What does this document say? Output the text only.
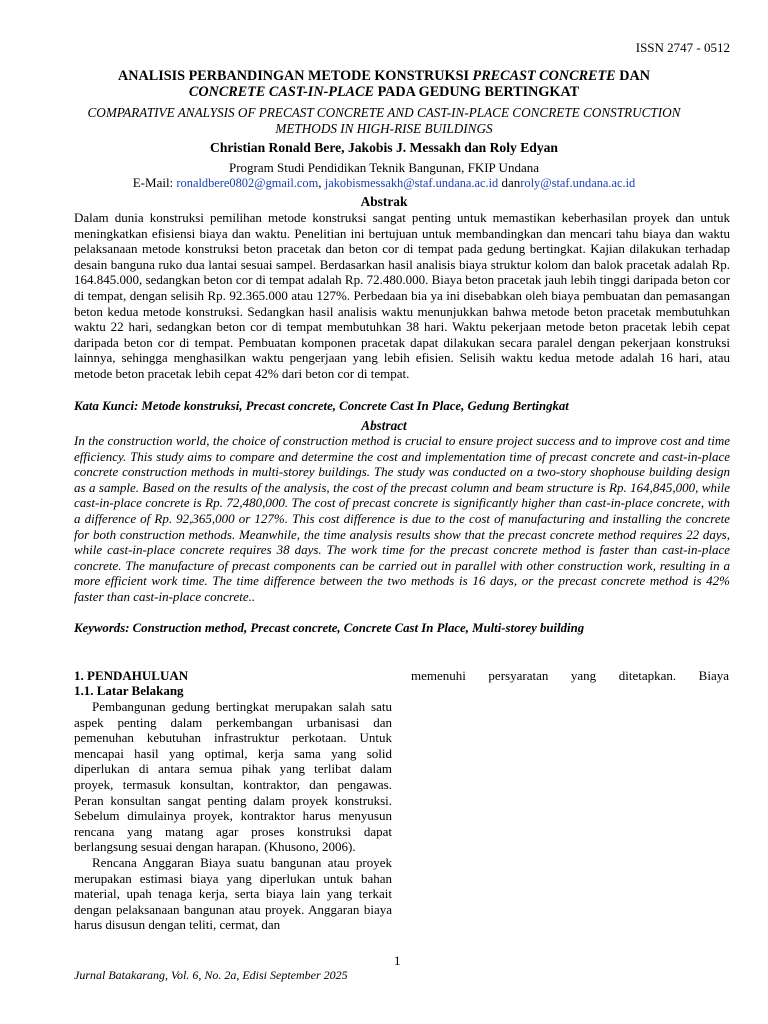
ISSN 2747 - 0512
ANALISIS PERBANDINGAN METODE KONSTRUKSI PRECAST CONCRETE DAN
CONCRETE CAST-IN-PLACE PADA GEDUNG BERTINGKAT
COMPARATIVE ANALYSIS OF PRECAST CONCRETE AND CAST-IN-PLACE CONCRETE CONSTRUCTION METHODS IN HIGH-RISE BUILDINGS
Christian Ronald Bere, Jakobis J. Messakh dan Roly Edyan
Program Studi Pendidikan Teknik Bangunan, FKIP Undana
E-Mail: ronaldbere0802@gmail.com, jakobismessakh@staf.undana.ac.id danroly@staf.undana.ac.id
Abstrak

Dalam dunia konstruksi pemilihan metode konstruksi sangat penting untuk memastikan keberhasilan proyek dan untuk meningkatkan efisiensi biaya dan waktu. Penelitian ini bertujuan untuk membandingkan dan mencari tahu biaya dan waktu pelaksanaan metode konstruksi beton pracetak dan beton cor di tempat pada gedung bertingkat. Kajian dilakukan terhadap desain banguna ruko dua lantai sesuai sampel. Berdasarkan hasil analisis biaya struktur kolom dan balok pracetak adalah Rp. 164.845.000, sedangkan beton cor di tempat adalah Rp. 72.480.000. Biaya beton pracetak jauh lebih tinggi daripada beton cor di tempat, dengan selisih Rp. 92.365.000 atau 127%. Perbedaan bia ya ini disebabkan oleh biaya pembuatan dan pemasangan beton kedua metode konstruksi. Sedangkan hasil analisis waktu menunjukkan bahwa metode beton pracetak membutuhkan waktu 22 hari, sedangkan beton cor di tempat membutuhkan 38 hari. Waktu pekerjaan metode beton pracetak lebih cepat daripada beton cor di tempat. Pembuatan komponen pracetak dapat dilakukan secara paralel dengan pekerjaan konstruksi lainnya, sehingga menghasilkan waktu pengerjaan yang lebih efisien. Selisih waktu kedua metode adalah 16 hari, atau metode beton pracetak lebih cepat 42% dari beton cor di tempat.

Kata Kunci: Metode konstruksi, Precast concrete, Concrete Cast In Place, Gedung Bertingkat
Abstract

In the construction world, the choice of construction method is crucial to ensure project success and to improve cost and time efficiency. This study aims to compare and determine the cost and implementation time of precast concrete and cast-in-place concrete construction methods in multi-storey buildings. The study was conducted on a two-story shophouse building design as a sample. Based on the results of the analysis, the cost of the precast column and beam structure is Rp. 164,845,000, while cast-in-place concrete is Rp. 72,480,000. The cost of precast concrete is significantly higher than cast-in-place concrete, with a difference of Rp. 92,365,000 or 127%. This cost difference is due to the cost of manufacturing and installing the concrete for both construction methods. Meanwhile, the time analysis results show that the precast concrete method requires 22 days, while cast-in-place concrete requires 38 days. The work time for the precast concrete method is faster than cast-in-place concrete. The manufacture of precast components can be carried out in parallel with other construction work, resulting in a more efficient work time. The time difference between the two methods is 16 days, or the precast concrete method is 42% faster than cast-in-place concrete..

Keywords: Construction method, Precast concrete, Concrete Cast In Place, Multi-storey building
1. PENDAHULUAN
1.1. Latar Belakang

Pembangunan gedung bertingkat merupakan salah satu aspek penting dalam perkembangan urbanisasi dan pemenuhan kebutuhan infrastruktur perkotaan. Untuk mencapai hasil yang optimal, kerja sama yang solid diperlukan di antara semua pihak yang terlibat dalam proyek, termasuk konsultan, kontraktor, dan pengawas. Peran konsultan sangat penting dalam proyek konstruksi. Sebelum dimulainya proyek, kontraktor harus menyusun rencana yang matang agar proses konstruksi dapat berlangsung sesuai dengan harapan. (Khusono, 2006).

Rencana Anggaran Biaya suatu bangunan atau proyek merupakan estimasi biaya yang diperlukan untuk bahan material, upah tenaga kerja, serta biaya lain yang terkait dengan pelaksanaan bangunan atau proyek. Anggaran biaya harus disusun dengan teliti, cermat, dan

memenuhi persyaratan yang ditetapkan. Biaya

1
Jurnal Batakarang, Vol. 6, No. 2a, Edisi September 2025
